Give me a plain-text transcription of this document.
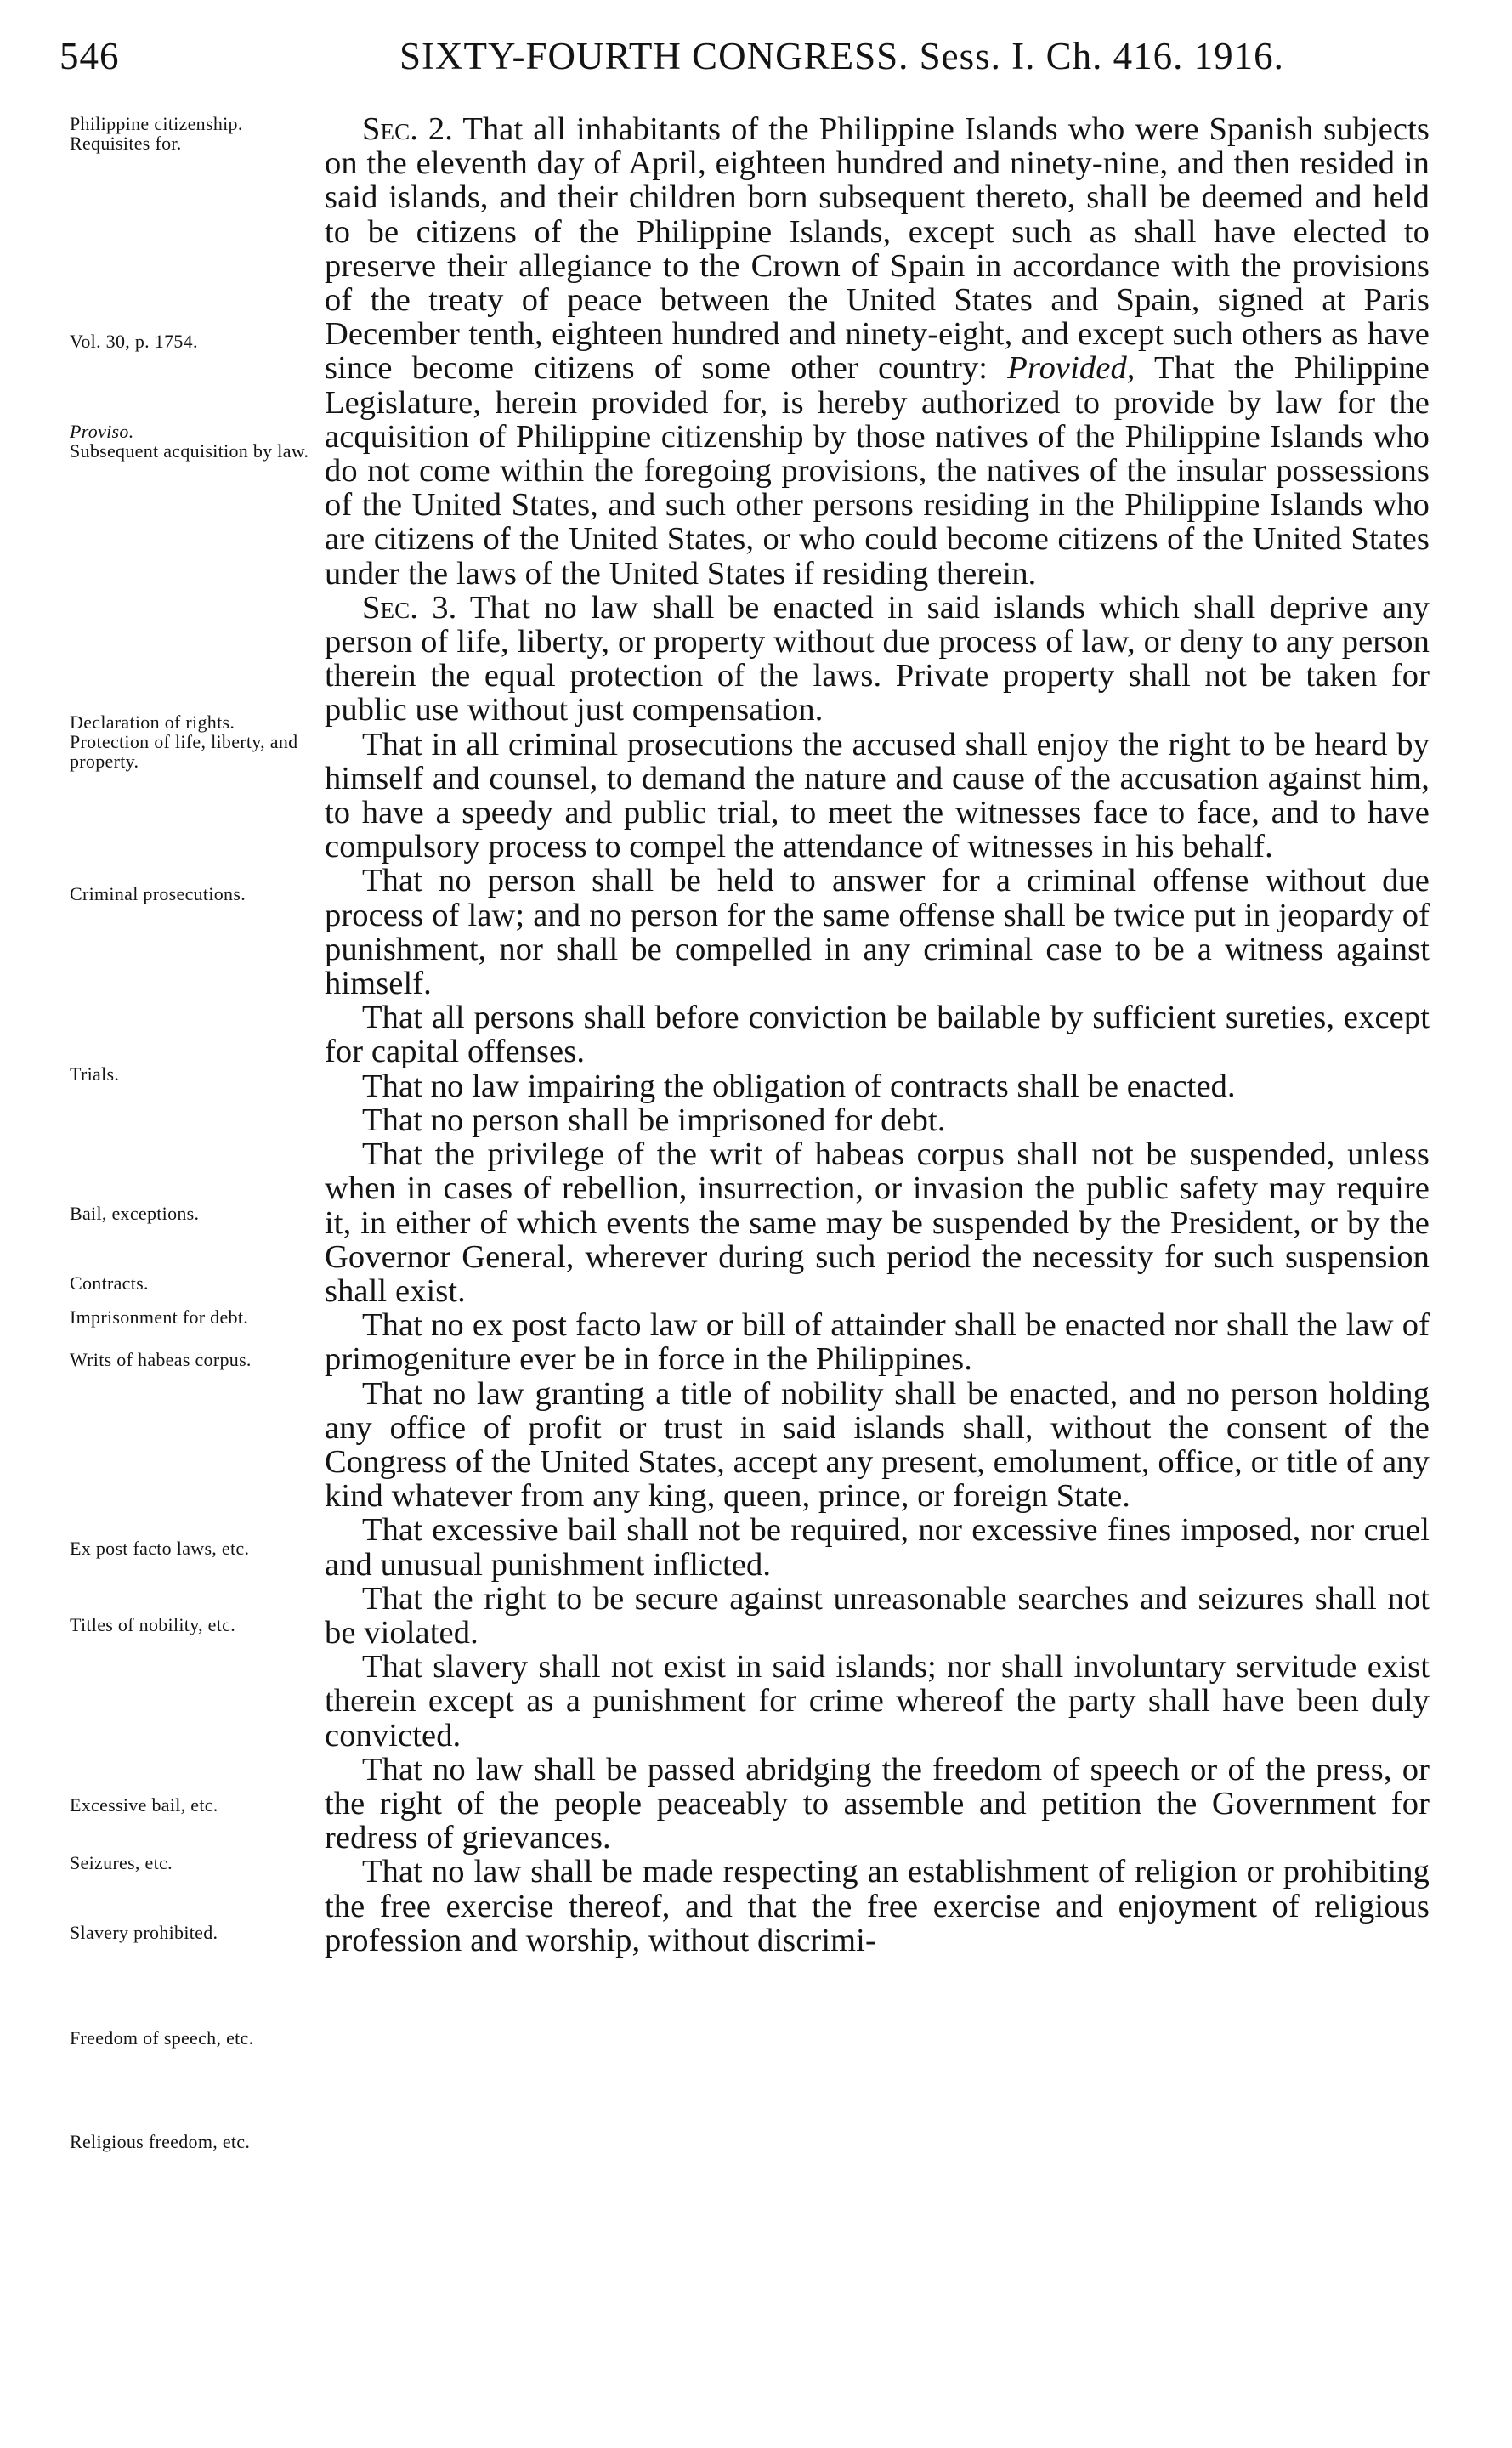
546	SIXTY-FOURTH CONGRESS. Sess. I. Ch. 416. 1916.
Philippine citizenship.
Requisites for.
Vol. 30, p. 1754.
Proviso.
Subsequent acquisition by law.
Declaration of rights.
Protection of life, liberty, and property.
Criminal prosecutions.
Trials.
Bail, exceptions.
Contracts.
Imprisonment for debt.
Writs of habeas corpus.
Ex post facto laws, etc.
Titles of nobility, etc.
Excessive bail, etc.
Seizures, etc.
Slavery prohibited.
Freedom of speech, etc.
Religious freedom, etc.

Sec. 2. That all inhabitants of the Philippine Islands who were Spanish subjects on the eleventh day of April, eighteen hundred and ninety-nine, and then resided in said islands, and their children born subsequent thereto, shall be deemed and held to be citizens of the Philippine Islands, except such as shall have elected to preserve their allegiance to the Crown of Spain in accordance with the provisions of the treaty of peace between the United States and Spain, signed at Paris December tenth, eighteen hundred and ninety-eight, and except such others as have since become citizens of some other country: Provided, That the Philippine Legislature, herein provided for, is hereby authorized to provide by law for the acquisition of Philippine citizenship by those natives of the Philippine Islands who do not come within the foregoing provisions, the natives of the insular possessions of the United States, and such other persons residing in the Philippine Islands who are citizens of the United States, or who could become citizens of the United States under the laws of the United States if residing therein.

Sec. 3. That no law shall be enacted in said islands which shall deprive any person of life, liberty, or property without due process of law, or deny to any person therein the equal protection of the laws. Private property shall not be taken for public use without just compensation.

That in all criminal prosecutions the accused shall enjoy the right to be heard by himself and counsel, to demand the nature and cause of the accusation against him, to have a speedy and public trial, to meet the witnesses face to face, and to have compulsory process to compel the attendance of witnesses in his behalf.

That no person shall be held to answer for a criminal offense without due process of law; and no person for the same offense shall be twice put in jeopardy of punishment, nor shall be compelled in any criminal case to be a witness against himself.

That all persons shall before conviction be bailable by sufficient sureties, except for capital offenses.

That no law impairing the obligation of contracts shall be enacted.

That no person shall be imprisoned for debt.

That the privilege of the writ of habeas corpus shall not be suspended, unless when in cases of rebellion, insurrection, or invasion the public safety may require it, in either of which events the same may be suspended by the President, or by the Governor General, wherever during such period the necessity for such suspension shall exist.

That no ex post facto law or bill of attainder shall be enacted nor shall the law of primogeniture ever be in force in the Philippines.

That no law granting a title of nobility shall be enacted, and no person holding any office of profit or trust in said islands shall, without the consent of the Congress of the United States, accept any present, emolument, office, or title of any kind whatever from any king, queen, prince, or foreign State.

That excessive bail shall not be required, nor excessive fines imposed, nor cruel and unusual punishment inflicted.

That the right to be secure against unreasonable searches and seizures shall not be violated.

That slavery shall not exist in said islands; nor shall involuntary servitude exist therein except as a punishment for crime whereof the party shall have been duly convicted.

That no law shall be passed abridging the freedom of speech or of the press, or the right of the people peaceably to assemble and petition the Government for redress of grievances.

That no law shall be made respecting an establishment of religion or prohibiting the free exercise thereof, and that the free exercise and enjoyment of religious profession and worship, without discrimi-
